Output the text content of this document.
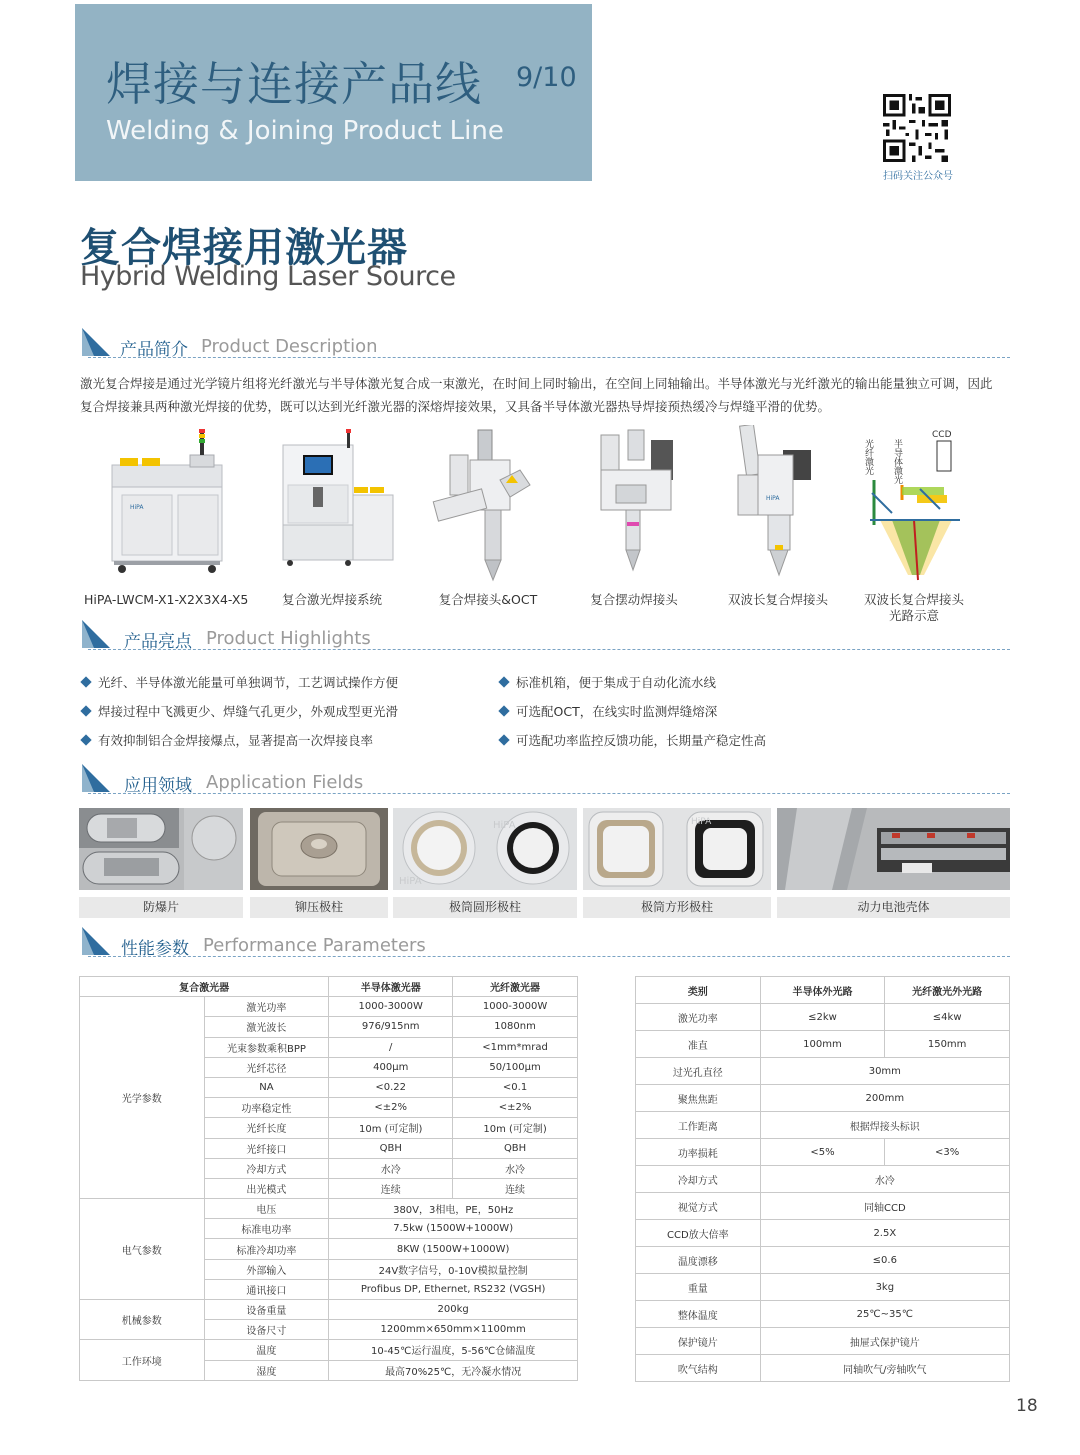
焊接与连接产品线 9/10
Welding & Joining Product Line
扫码关注公众号
复合焊接用激光器
Hybrid Welding Laser Source
产品简介 Product Description
激光复合焊接是通过光学镜片组将光纤激光与半导体激光复合成一束激光，在时间上同时输出，在空间上同轴输出。半导体激光与光纤激光的输出能量独立可调，因此复合焊接兼具两种激光焊接的优势，既可以达到光纤激光器的深熔焊接效果，又具备半导体激光器热导焊接预热缓冷与焊缝平滑的优势。
HiPA
HiPA
光纤激光 半导体激光
CCD
HiPA-LWCM-X1-X2X3X4-X5	复合激光焊接系统	复合焊接头&OCT	复合摆动焊接头	双波长复合焊接头	双波长复合焊接头
光路示意
产品亮点 Product Highlights
光纤、半导体激光能量可单独调节，工艺调试操作方便
焊接过程中飞溅更少、焊缝气孔更少，外观成型更光滑
有效抑制铝合金焊接爆点，显著提高一次焊接良率
标准机箱，便于集成于自动化流水线
可选配OCT，在线实时监测焊缝熔深
可选配功率监控反馈功能，长期量产稳定性高
应用领域 Application Fields
HiPA
HiPA	HiPA
防爆片	铆压极柱	极筒圆形极柱	极筒方形极柱	动力电池壳体
性能参数 Performance Parameters
复合激光器		半导体激光器	光纤激光器
光学参数	激光功率	1000-3000W	1000-3000W
	激光波长	976/915nm	1080nm
	光束参数乘积BPP	/	<1mm*mrad
	光纤芯径	400μm	50/100μm
	NA	<0.22	<0.1
	功率稳定性	<±2%	<±2%
	光纤长度	10m (可定制)	10m (可定制)
	光纤接口	QBH	QBH
	冷却方式	水冷	水冷
	出光模式	连续	连续
电气参数	电压	380V，3相电，PE，50Hz	
	标准电功率	7.5kw (1500W+1000W)	
	标准冷却功率	8KW (1500W+1000W)	
	外部输入	24V数字信号，0-10V模拟量控制	
	通讯接口	Profibus DP, Ethernet, RS232 (VGSH)	
机械参数	设备重量	200kg	
	设备尺寸	1200mm×650mm×1100mm	
工作环境	温度	10-45℃运行温度，5-56℃仓储温度	
	湿度	最高70%25℃，无冷凝水情况	
类别	半导体外光路	光纤激光外光路
激光功率	≤2kw	≤4kw
准直	100mm	150mm
过光孔直径	30mm	
聚焦焦距	200mm	
工作距离	根据焊接头标识	
功率损耗	<5%	<3%
冷却方式	水冷	
视觉方式	同轴CCD	
CCD放大倍率	2.5X	
温度漂移	≤0.6	
重量	3kg	
整体温度	25℃~35℃	
保护镜片	抽屉式保护镜片	
吹气结构	同轴吹气/旁轴吹气	
18
